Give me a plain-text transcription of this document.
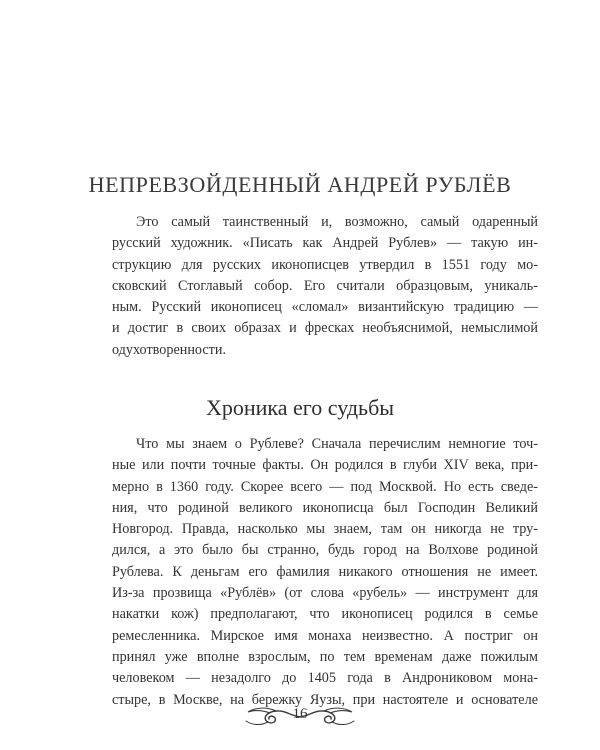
НЕПРЕВЗОЙДЕННЫЙ АНДРЕЙ РУБЛЁВ
Это самый таинственный и, возможно, самый одаренный
русский художник. «Писать как Андрей Рублев» — такую ин-
струкцию для русских иконописцев утвердил в 1551 году мо-
сковский Стоглавый собор. Его считали образцовым, уникаль-
ным. Русский иконописец «сломал» византийскую традицию —
и достиг в своих образах и фресках необъяснимой, немыслимой
одухотворенности.
Хроника его судьбы
Что мы знаем о Рублеве? Сначала перечислим немногие точ-
ные или почти точные факты. Он родился в глуби XIV века, при-
мерно в 1360 году. Скорее всего — под Москвой. Но есть сведе-
ния, что родиной великого иконописца был Господин Великий
Новгород. Правда, насколько мы знаем, там он никогда не тру-
дился, а это было бы странно, будь город на Волхове родиной
Рублева. К деньгам его фамилия никакого отношения не имеет.
Из-за прозвища «Рублёв» (от слова «рубель» — инструмент для
накатки кож) предполагают, что иконописец родился в семье
ремесленника. Мирское имя монаха неизвестно. А постриг он
принял уже вполне взрослым, по тем временам даже пожилым
человеком — незадолго до 1405 года в Андрониковом мона-
стыре, в Москве, на бережку Яузы, при настоятеле и основателе
16
